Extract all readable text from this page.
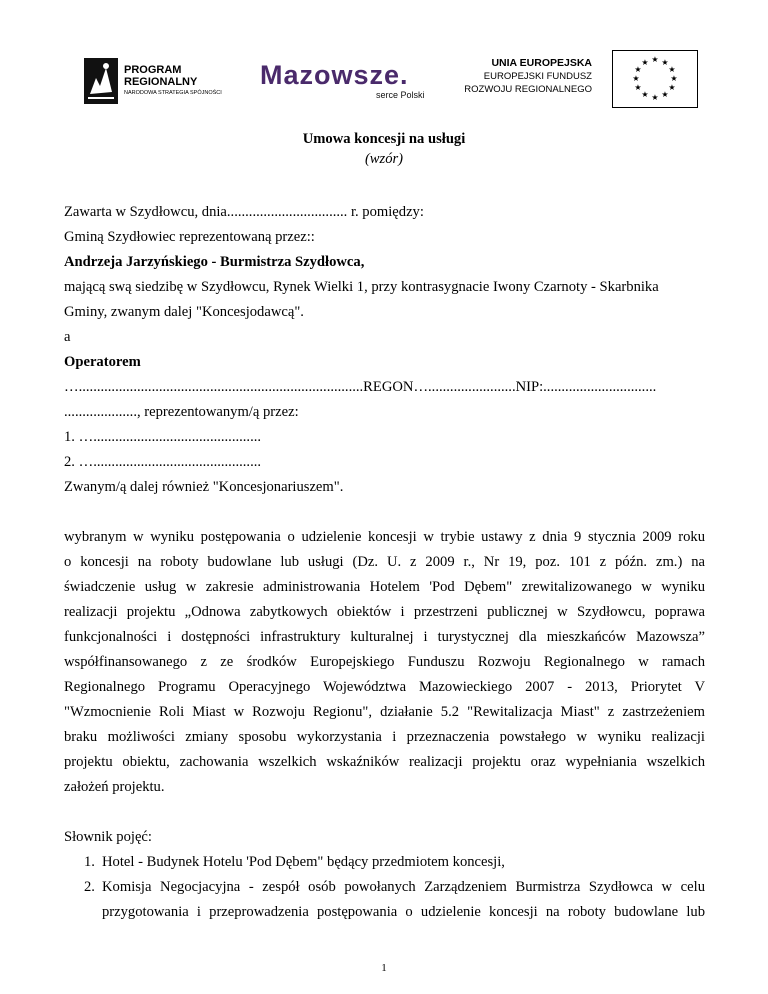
PROGRAM
REGIONALNY
NARODOWA STRATEGIA SPÓJNOŚCI
Mazowsze.
serce Polski
UNIA EUROPEJSKA
EUROPEJSKI FUNDUSZ
ROZWOJU REGIONALNEGO
★ ★
★
★
★
★
★
★
★
★
★
★
Umowa koncesji na usługi
(wzór)
Zawarta w Szydłowcu, dnia................................. r. pomiędzy:
Gminą Szydłowiec reprezentowaną przez::
Andrzeja Jarzyńskiego - Burmistrza Szydłowca,
mającą swą siedzibę w Szydłowcu, Rynek Wielki 1, przy kontrasygnacie Iwony Czarnoty - Skarbnika
Gminy, zwanym dalej "Koncesjodawcą".
a
Operatorem
…..............................................................................REGON…........................NIP:...............................
...................., reprezentowanym/ą przez:
1. …..............................................
2. …..............................................
Zwanym/ą dalej również "Koncesjonariuszem".
wybranym w wyniku postępowania o udzielenie koncesji w trybie ustawy z dnia 9 stycznia 2009 roku
o koncesji na roboty budowlane lub usługi (Dz. U. z 2009 r., Nr 19, poz. 101 z późn. zm.) na
świadczenie usług w zakresie administrowania Hotelem 'Pod Dębem" zrewitalizowanego w wyniku
realizacji projektu „Odnowa zabytkowych obiektów i przestrzeni publicznej w Szydłowcu, poprawa
funkcjonalności i dostępności infrastruktury kulturalnej i turystycznej dla mieszkańców Mazowsza”
współfinansowanego z ze środków Europejskiego Funduszu Rozwoju Regionalnego w ramach
Regionalnego Programu Operacyjnego Województwa Mazowieckiego 2007 - 2013, Priorytet V
"Wzmocnienie Roli Miast w Rozwoju Regionu", działanie 5.2 "Rewitalizacja Miast" z zastrzeżeniem
braku możliwości zmiany sposobu wykorzystania i przeznaczenia powstałego w wyniku realizacji
projektu obiektu, zachowania wszelkich wskaźników realizacji projektu oraz wypełniania wszelkich
założeń projektu.
Słownik pojęć:
1. Hotel - Budynek Hotelu 'Pod Dębem" będący przedmiotem koncesji,
2. Komisja Negocjacyjna - zespół osób powołanych Zarządzeniem Burmistrza Szydłowca w celu
przygotowania i przeprowadzenia postępowania o udzielenie koncesji na roboty budowlane lub
1
